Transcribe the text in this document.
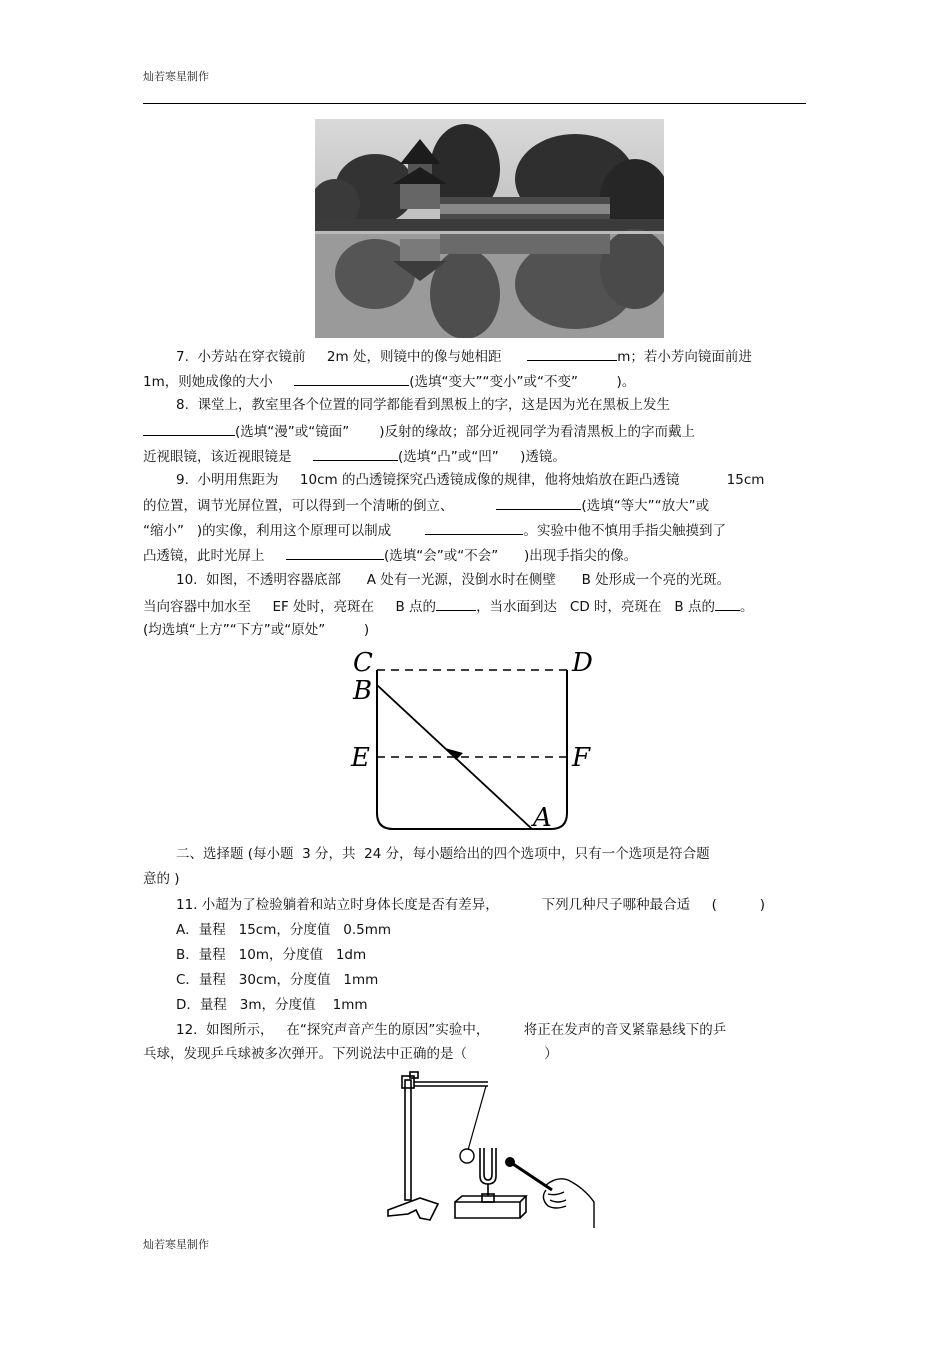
灿若寒星制作
7.  小芳站在穿衣镜前     2m 处，则镜中的像与她相距	m；若小芳向镜面前进
1m，则她成像的大小	(选填“变大”“变小”或“不变”         )。
8.  课堂上，教室里各个位置的同学都能看到黑板上的字，这是因为光在黑板上发生
(选填“漫”或“镜面”       )反射的缘故；部分近视同学为看清黑板上的字而戴上
近视眼镜，该近视眼镜是	(选填“凸”或“凹”     )透镜。
9.  小明用焦距为     10cm 的凸透镜探究凸透镜成像的规律，他将烛焰放在距凸透镜           15cm
的位置，调节光屏位置，可以得到一个清晰的倒立、	(选填“等大”“放大”或
“缩小”   )的实像，利用这个原理可以制成	。实验中他不慎用手指尖触摸到了
凸透镜，此时光屏上	(选填“会”或“不会”      )出现手指尖的像。
10.  如图，不透明容器底部      A 处有一光源，没倒水时在侧壁      B 处形成一个亮的光斑。
当向容器中加水至     EF 处时，亮斑在     B 点的	，当水面到达   CD 时，亮斑在   B 点的 。
(均选填“上方”“下方”或“原处”         )
C	D
B
E	F
A
二、选择题 (每小题  3 分，共  24 分，每小题给出的四个选项中，只有一个选项是符合题
意的 )
11. 小超为了检验躺着和站立时身体长度是否有差异，          下列几种尺子哪种最合适     (          )
A．量程   15cm，分度值   0.5mm
B．量程   10m，分度值   1dm
C．量程   30cm，分度值   1mm
D．量程   3m，分度值    1mm
12.  如图所示，   在“探究声音产生的原因”实验中，        将正在发声的音叉紧靠悬线下的乒
乓球，发现乒乓球被多次弹开。下列说法中正确的是（                  ）
灿若寒星制作
